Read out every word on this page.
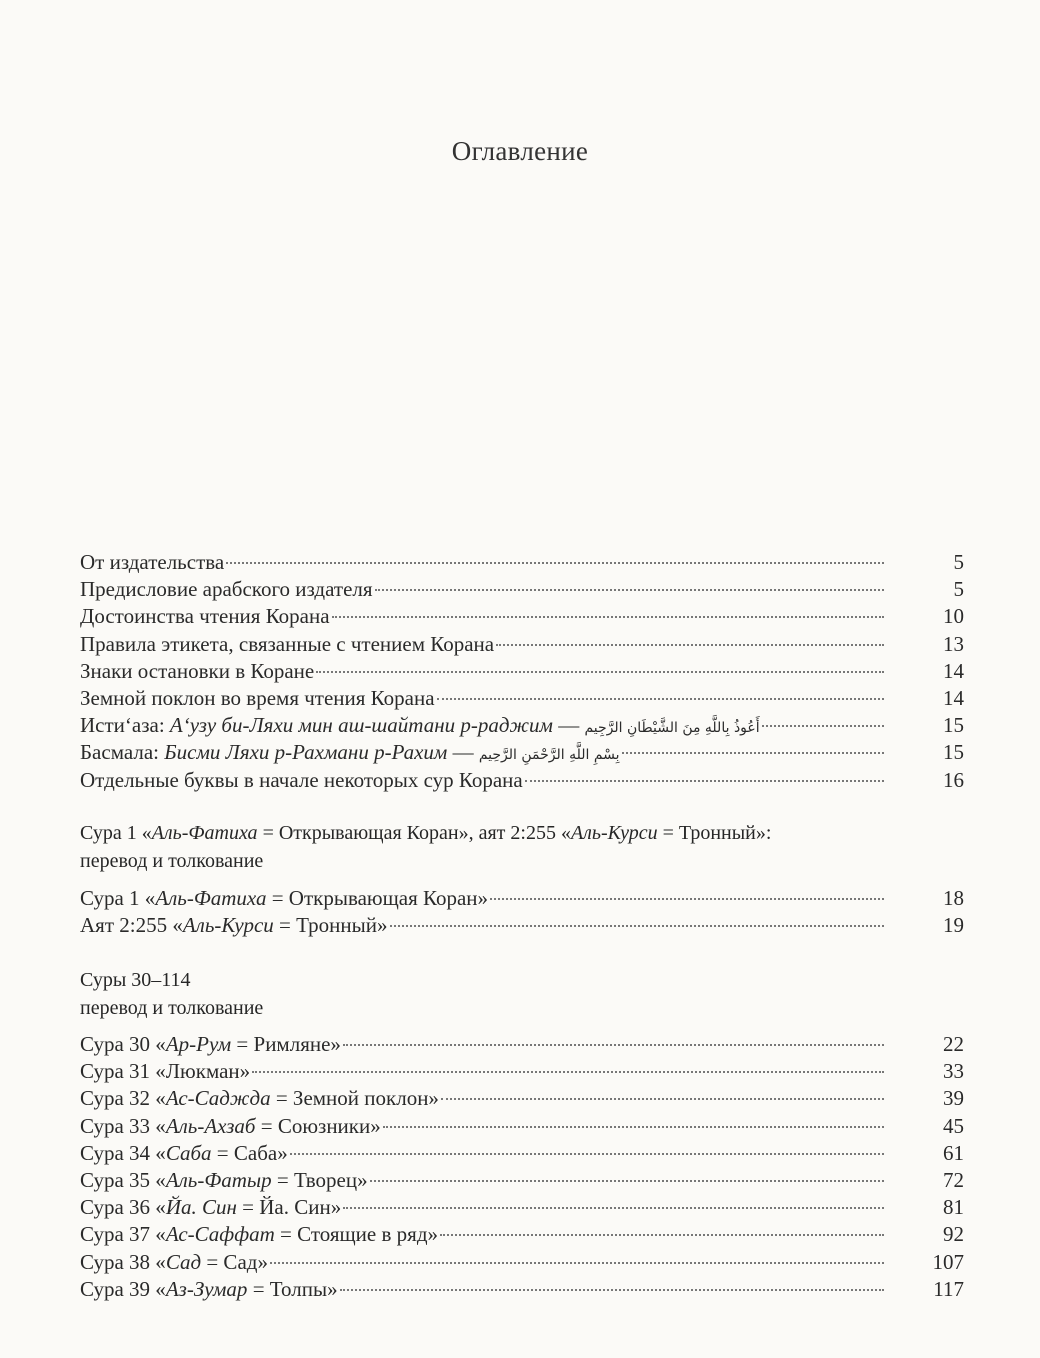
Оглавление
От издательства	5
Предисловие арабского издателя	5
Достоинства чтения Корана	10
Правила этикета, связанные с чтением Корана	13
Знаки остановки в Коране	14
Земной поклон во время чтения Корана	14
Исти‘аза: А‘узу би-Ляхи мин аш-шайтани р-раджим — أَعُوذُ بِاللَّهِ مِنَ الشَّيْطَانِ الرَّجِيم	15
Басмала: Бисми Ляхи р-Рахмани р-Рахим — بِسْمِ اللَّهِ الرَّحْمَنِ الرَّحِيم	15
Отдельные буквы в начале некоторых сур Корана	16
Сура 1 «Аль-Фатиха = Открывающая Коран», аят 2:255 «Аль-Курси = Тронный»:
перевод и толкование
Сура 1 «Аль-Фатиха = Открывающая Коран»	18
Аят 2:255 «Аль-Курси = Тронный»	19
Суры 30–114
перевод и толкование
Сура 30 «Ар-Рум = Римляне»	22
Сура 31 «Люкман»	33
Сура 32 «Ас-Саджда = Земной поклон»	39
Сура 33 «Аль-Ахзаб = Союзники»	45
Сура 34 «Саба = Саба»	61
Сура 35 «Аль-Фатыр = Творец»	72
Сура 36 «Йа. Син = Йа. Син»	81
Сура 37 «Ас-Саффат = Стоящие в ряд»	92
Сура 38 «Сад = Сад»	107
Сура 39 «Аз-Зумар = Толпы»	117
